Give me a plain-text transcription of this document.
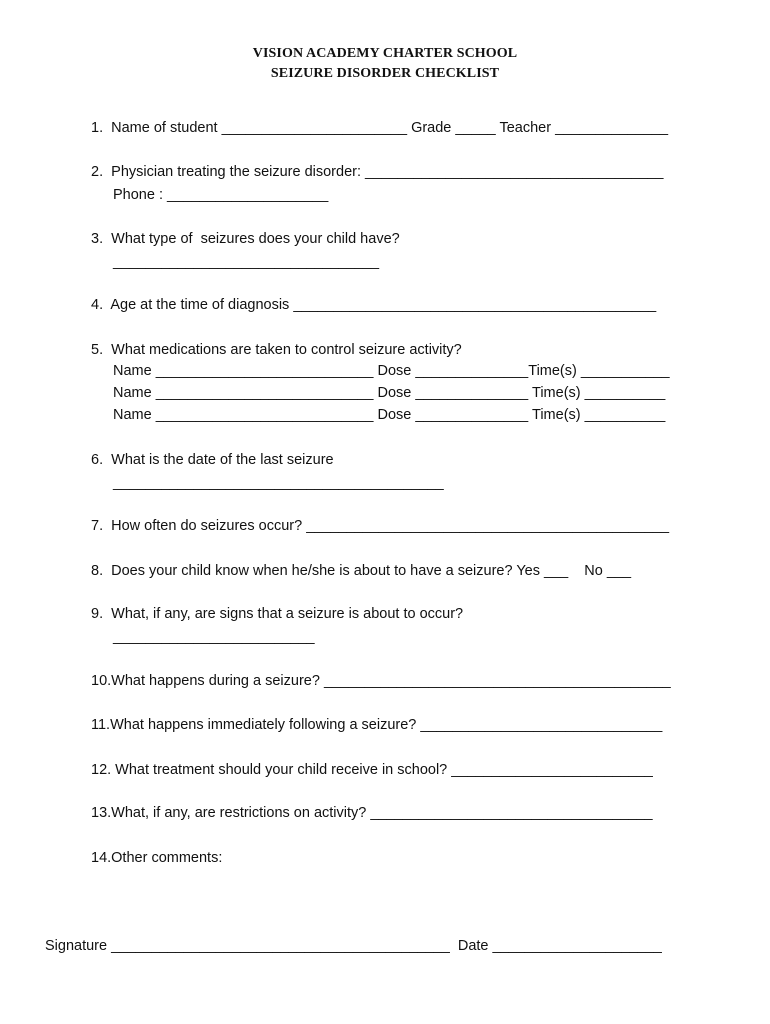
VISION ACADEMY CHARTER SCHOOL
SEIZURE DISORDER CHECKLIST
1.  Name of student _______________________ Grade _____ Teacher ______________
2.  Physician treating the seizure disorder: _____________________________________
Phone : ____________________
3.  What type of  seizures does your child have?
_________________________________
4.  Age at the time of diagnosis _____________________________________________
5.  What medications are taken to control seizure activity?
Name ___________________________ Dose ______________Time(s) ___________
Name ___________________________ Dose ______________ Time(s) __________
Name ___________________________ Dose ______________ Time(s) __________
6.  What is the date of the last seizure
_________________________________________
7.  How often do seizures occur? _____________________________________________
8.  Does your child know when he/she is about to have a seizure? Yes ___    No ___
9.  What, if any, are signs that a seizure is about to occur?
_________________________
10.What happens during a seizure? ___________________________________________
11.What happens immediately following a seizure? ______________________________
12. What treatment should your child receive in school? _________________________
13.What, if any, are restrictions on activity? ___________________________________
14.Other comments:
Signature __________________________________________  Date _____________________
